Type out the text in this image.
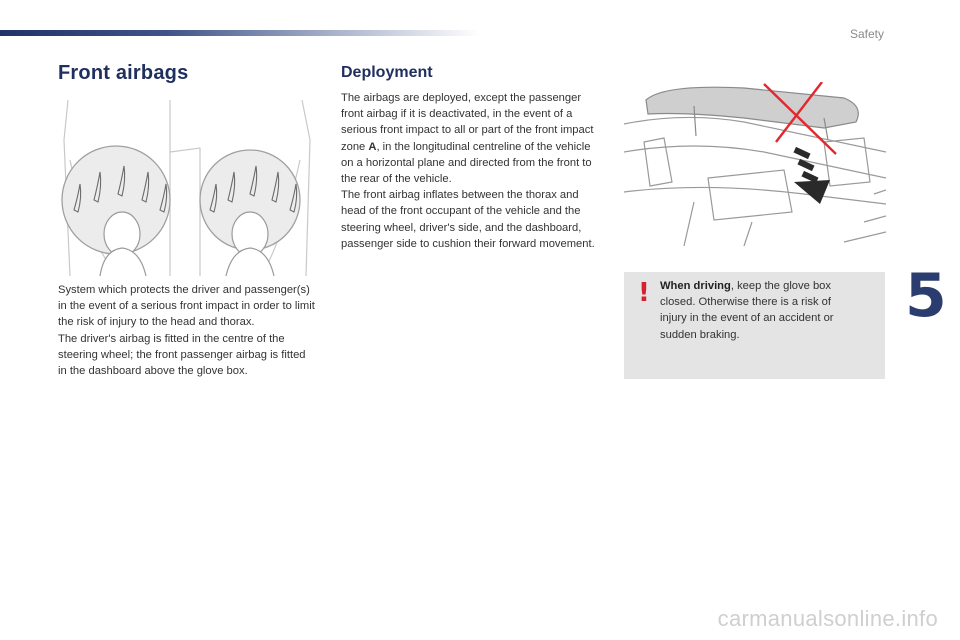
Safety
5
Front airbags
System which protects the driver and passenger(s) in the event of a serious front impact in order to limit the risk of injury to the head and thorax.
The driver's airbag is fitted in the centre of the steering wheel; the front passenger airbag is fitted in the dashboard above the glove box.
Deployment
The airbags are deployed, except the passenger front airbag if it is deactivated, in the event of a serious front impact to all or part of the front impact zone A, in the longitudinal centreline of the vehicle on a horizontal plane and directed from the front to the rear of the vehicle.
The front airbag inflates between the thorax and head of the front occupant of the vehicle and the steering wheel, driver's side, and the dashboard, passenger side to cushion their forward movement.
! When driving, keep the glove box closed. Otherwise there is a risk of injury in the event of an accident or sudden braking.
carmanualsonline.info
